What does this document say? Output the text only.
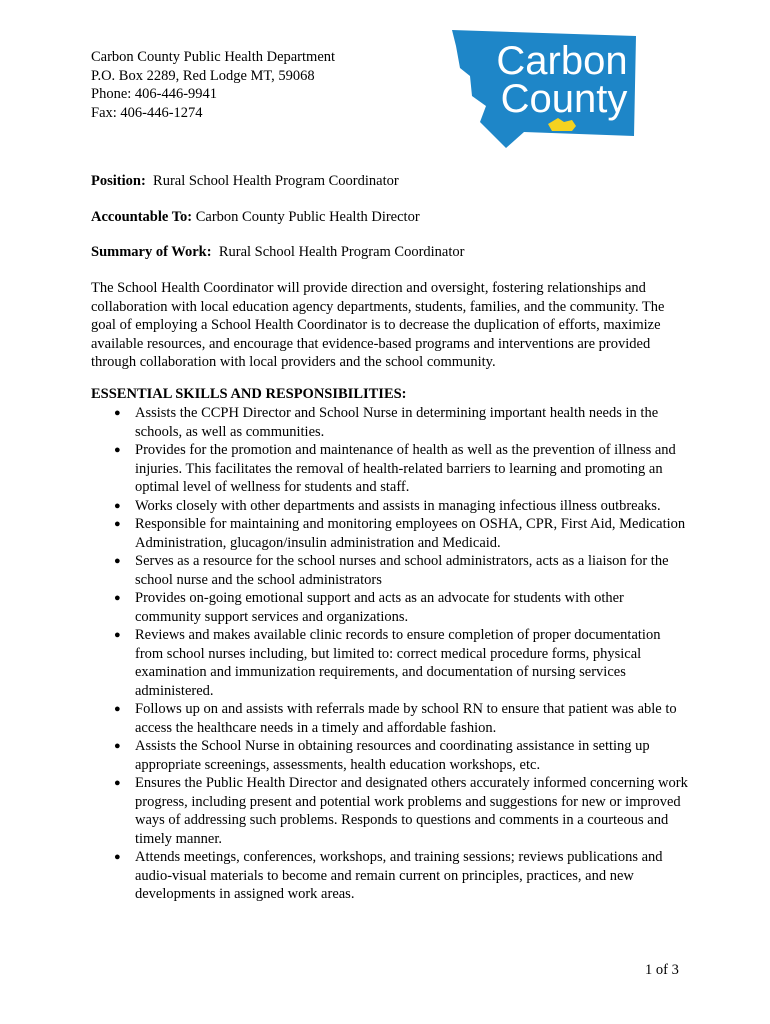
Carbon County Public Health Department
P.O. Box 2289, Red Lodge MT, 59068
Phone: 406-446-9941
Fax: 406-446-1274
Carbon
County
Position: Rural School Health Program Coordinator
Accountable To: Carbon County Public Health Director
Summary of Work: Rural School Health Program Coordinator

The School Health Coordinator will provide direction and oversight, fostering relationships and collaboration with local education agency departments, students, families, and the community. The goal of employing a School Health Coordinator is to decrease the duplication of efforts, maximize available resources, and encourage that evidence-based programs and interventions are provided through collaboration with local providers and the school community.

ESSENTIAL SKILLS AND RESPONSIBILITIES:
● Assists the CCPH Director and School Nurse in determining important health needs in the schools, as well as communities.
● Provides for the promotion and maintenance of health as well as the prevention of illness and injuries. This facilitates the removal of health-related barriers to learning and promoting an optimal level of wellness for students and staff.
● Works closely with other departments and assists in managing infectious illness outbreaks.
● Responsible for maintaining and monitoring employees on OSHA, CPR, First Aid, Medication Administration, glucagon/insulin administration and Medicaid.
● Serves as a resource for the school nurses and school administrators, acts as a liaison for the school nurse and the school administrators
● Provides on-going emotional support and acts as an advocate for students with other community support services and organizations.
● Reviews and makes available clinic records to ensure completion of proper documentation from school nurses including, but limited to: correct medical procedure forms, physical examination and immunization requirements, and documentation of nursing services administered.
● Follows up on and assists with referrals made by school RN to ensure that patient was able to access the healthcare needs in a timely and affordable fashion.
● Assists the School Nurse in obtaining resources and coordinating assistance in setting up appropriate screenings, assessments, health education workshops, etc.
● Ensures the Public Health Director and designated others accurately informed concerning work progress, including present and potential work problems and suggestions for new or improved ways of addressing such problems. Responds to questions and comments in a courteous and timely manner.
● Attends meetings, conferences, workshops, and training sessions; reviews publications and audio-visual materials to become and remain current on principles, practices, and new developments in assigned work areas.
1 of 3
